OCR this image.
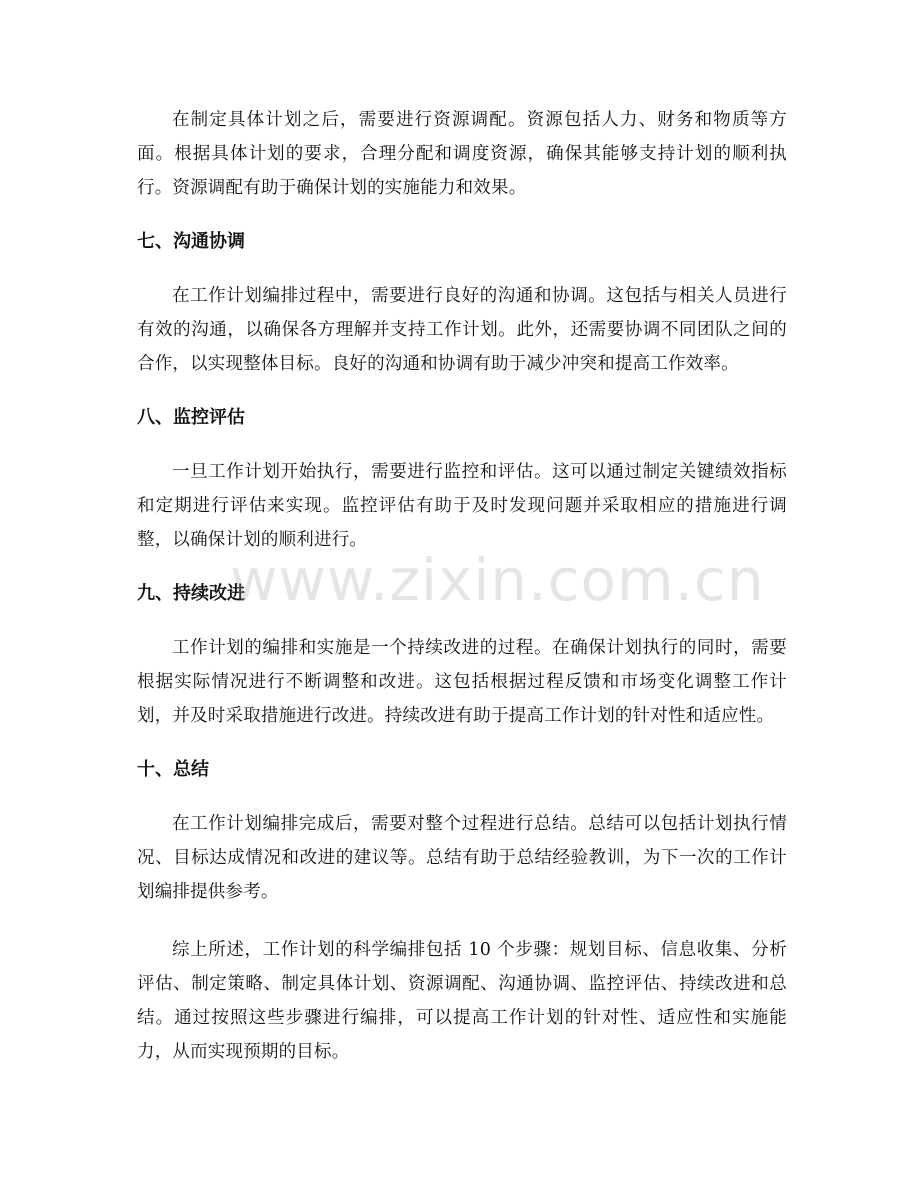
在制定具体计划之后，需要进行资源调配。资源包括人力、财务和物质等方面。根据具体计划的要求，合理分配和调度资源，确保其能够支持计划的顺利执行。资源调配有助于确保计划的实施能力和效果。

七、沟通协调

在工作计划编排过程中，需要进行良好的沟通和协调。这包括与相关人员进行有效的沟通，以确保各方理解并支持工作计划。此外，还需要协调不同团队之间的合作，以实现整体目标。良好的沟通和协调有助于减少冲突和提高工作效率。

八、监控评估

一旦工作计划开始执行，需要进行监控和评估。这可以通过制定关键绩效指标和定期进行评估来实现。监控评估有助于及时发现问题并采取相应的措施进行调整，以确保计划的顺利进行。

九、持续改进

工作计划的编排和实施是一个持续改进的过程。在确保计划执行的同时，需要根据实际情况进行不断调整和改进。这包括根据过程反馈和市场变化调整工作计划，并及时采取措施进行改进。持续改进有助于提高工作计划的针对性和适应性。

十、总结

在工作计划编排完成后，需要对整个过程进行总结。总结可以包括计划执行情况、目标达成情况和改进的建议等。总结有助于总结经验教训，为下一次的工作计划编排提供参考。

综上所述，工作计划的科学编排包括 10 个步骤：规划目标、信息收集、分析评估、制定策略、制定具体计划、资源调配、沟通协调、监控评估、持续改进和总结。通过按照这些步骤进行编排，可以提高工作计划的针对性、适应性和实施能力，从而实现预期的目标。

www.zixin.com.cn
